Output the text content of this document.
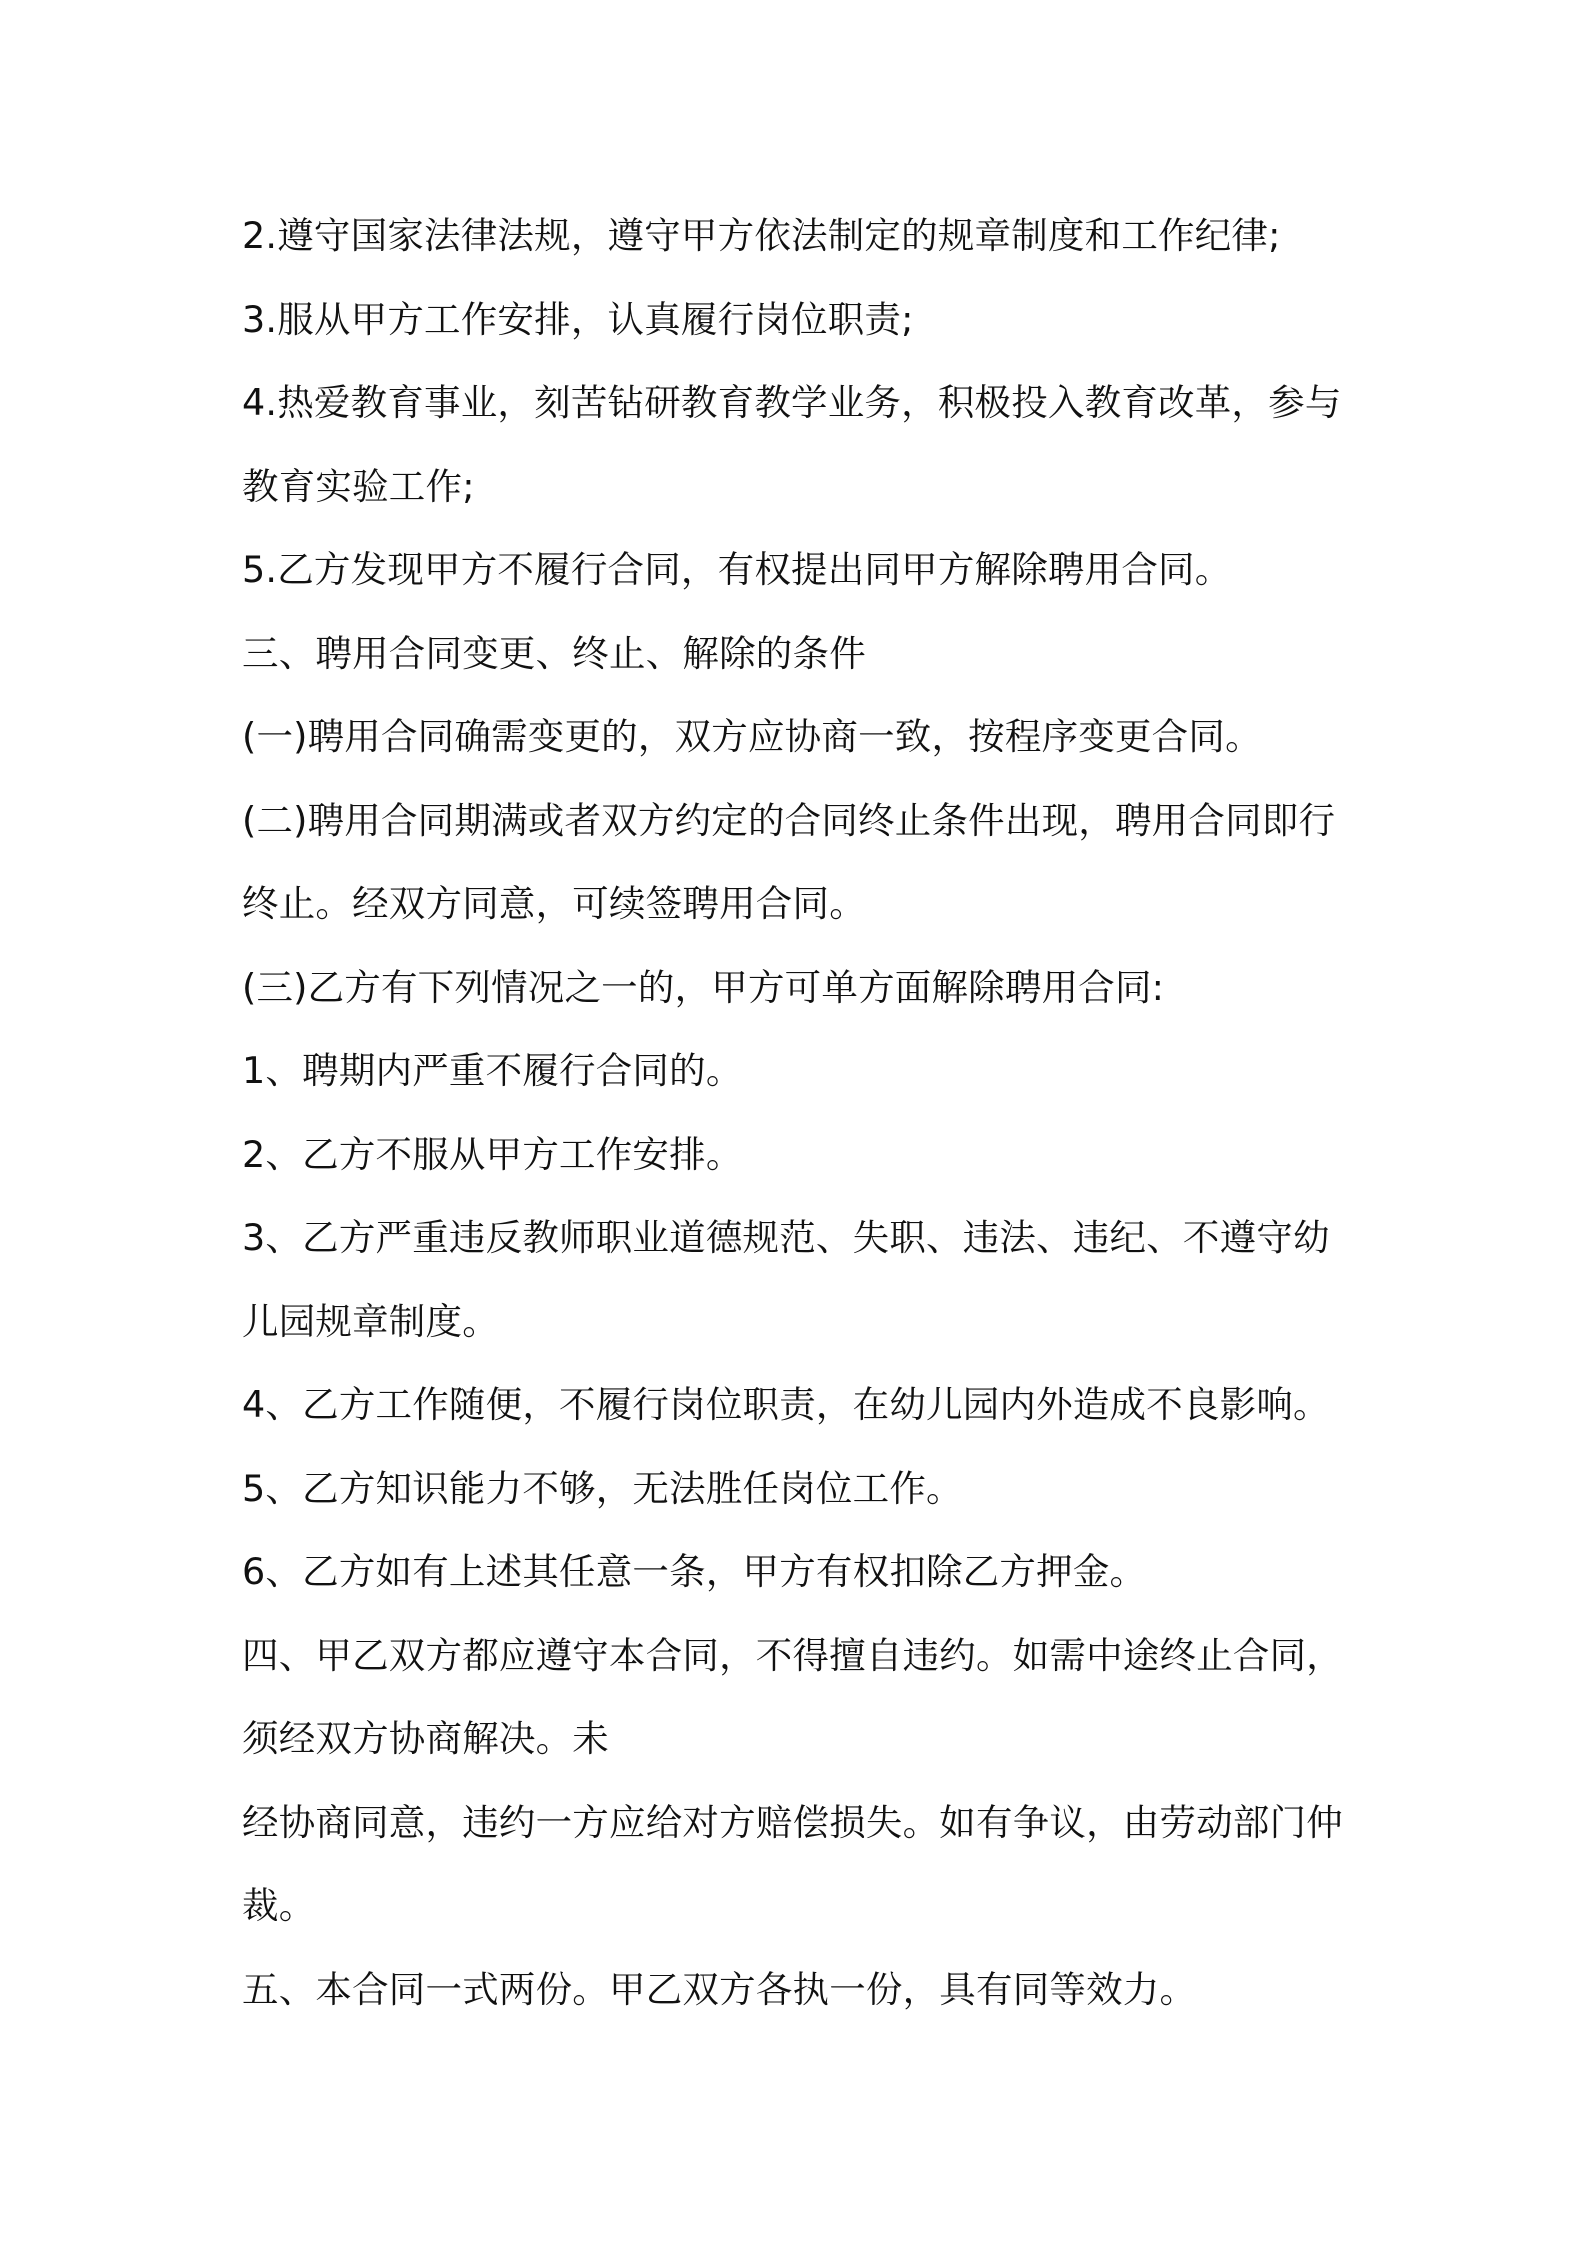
2.遵守国家法律法规，遵守甲方依法制定的规章制度和工作纪律;
3.服从甲方工作安排，认真履行岗位职责;
4.热爱教育事业，刻苦钻研教育教学业务，积极投入教育改革，参与
教育实验工作;
5.乙方发现甲方不履行合同，有权提出同甲方解除聘用合同。
三、聘用合同变更、终止、解除的条件
(一)聘用合同确需变更的，双方应协商一致，按程序变更合同。
(二)聘用合同期满或者双方约定的合同终止条件出现，聘用合同即行
终止。经双方同意，可续签聘用合同。
(三)乙方有下列情况之一的，甲方可单方面解除聘用合同:
1、聘期内严重不履行合同的。
2、乙方不服从甲方工作安排。
3、乙方严重违反教师职业道德规范、失职、违法、违纪、不遵守幼
儿园规章制度。
4、乙方工作随便，不履行岗位职责，在幼儿园内外造成不良影响。
5、乙方知识能力不够，无法胜任岗位工作。
6、乙方如有上述其任意一条，甲方有权扣除乙方押金。
四、甲乙双方都应遵守本合同，不得擅自违约。如需中途终止合同，
须经双方协商解决。未
经协商同意，违约一方应给对方赔偿损失。如有争议，由劳动部门仲
裁。
五、本合同一式两份。甲乙双方各执一份，具有同等效力。
